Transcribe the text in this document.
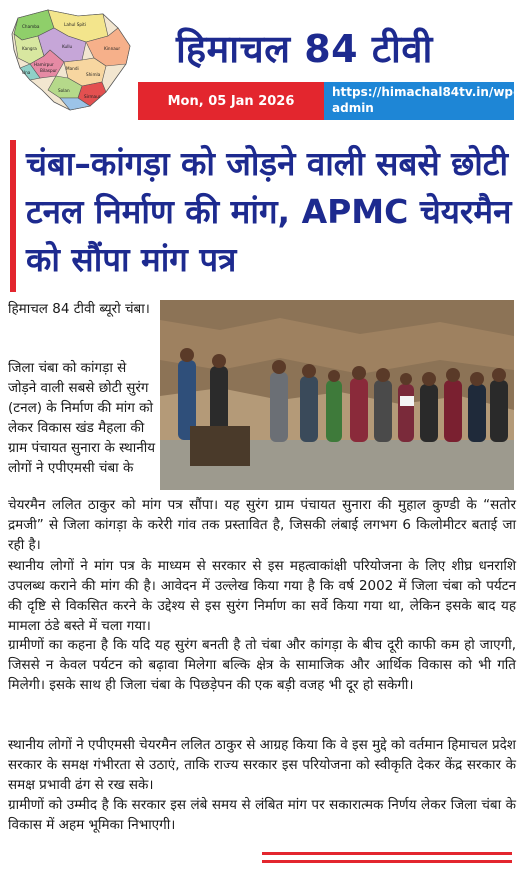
Chamba	Lahul Spiti
Kangra	Kullu
Una
Mandi
Kinnaur
Bilaspur
Hamirpur
Shimla
Solan
Sirmaur
हिमाचल 84 टीवी
Mon, 05 Jan 2026
https://himachal84tv.in/wp-admin
चंबा–कांगड़ा को जोड़ने वाली सबसे छोटी टनल निर्माण की मांग, APMC चेयरमैन को सौंपा मांग पत्र
हिमाचल 84 टीवी ब्यूरो चंबा।
जिला चंबा को कांगड़ा से जोड़ने वाली सबसे छोटी सुरंग (टनल) के निर्माण की मांग को लेकर विकास खंड मैहला की ग्राम पंचायत सुनारा के स्थानीय लोगों ने एपीएमसी चंबा के
चेयरमैन ललित ठाकुर को मांग पत्र सौंपा। यह सुरंग ग्राम पंचायत सुनारा की मुहाल कुण्डी के “सतोर द्रमजी” से जिला कांगड़ा के करेरी गांव तक प्रस्तावित है, जिसकी लंबाई लगभग 6 किलोमीटर बताई जा रही है।
स्थानीय लोगों ने मांग पत्र के माध्यम से सरकार से इस महत्वाकांक्षी परियोजना के लिए शीघ्र धनराशि उपलब्ध कराने की मांग की है। आवेदन में उल्लेख किया गया है कि वर्ष 2002 में जिला चंबा को पर्यटन की दृष्टि से विकसित करने के उद्देश्य से इस सुरंग निर्माण का सर्वे किया गया था, लेकिन इसके बाद यह मामला ठंडे बस्ते में चला गया।
ग्रामीणों का कहना है कि यदि यह सुरंग बनती है तो चंबा और कांगड़ा के बीच दूरी काफी कम हो जाएगी, जिससे न केवल पर्यटन को बढ़ावा मिलेगा बल्कि क्षेत्र के सामाजिक और आर्थिक विकास को भी गति मिलेगी। इसके साथ ही जिला चंबा के पिछड़ेपन की एक बड़ी वजह भी दूर हो सकेगी।
स्थानीय लोगों ने एपीएमसी चेयरमैन ललित ठाकुर से आग्रह किया कि वे इस मुद्दे को वर्तमान हिमाचल प्रदेश सरकार के समक्ष गंभीरता से उठाएं, ताकि राज्य सरकार इस परियोजना को स्वीकृति देकर केंद्र सरकार के समक्ष प्रभावी ढंग से रख सके।
ग्रामीणों को उम्मीद है कि सरकार इस लंबे समय से लंबित मांग पर सकारात्मक निर्णय लेकर जिला चंबा के विकास में अहम भूमिका निभाएगी।
